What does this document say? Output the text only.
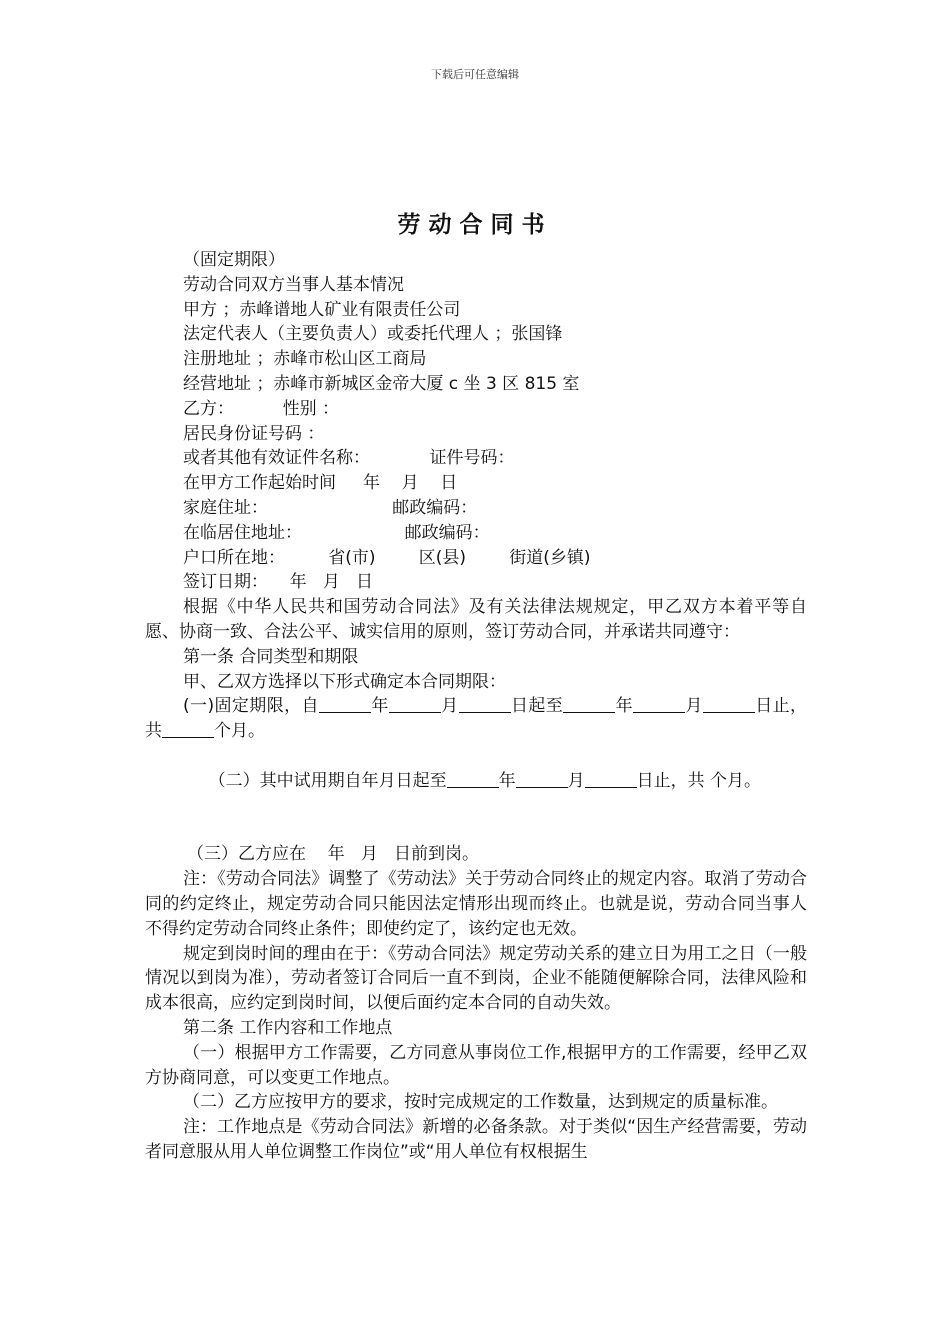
下载后可任意编辑
劳动合同书

（固定期限）

劳动合同双方当事人基本情况

甲方 ；赤峰谱地人矿业有限责任公司

法定代表人（主要负责人）或委托代理人 ；张国锋

注册地址 ；赤峰市松山区工商局

经营地址 ；赤峰市新城区金帝大厦 c 坐 3 区 815 室

乙方：         性别 ：

居民身份证号码 ：

或者其他有效证件名称：           证件号码：

在甲方工作起始时间     年    月    日

家庭住址：                       邮政编码：

在临居住地址：                   邮政编码：

户口所在地：        省(市)        区(县)        街道(乡镇)

签订日期：    年   月   日

根据《中华人民共和国劳动合同法》及有关法律法规规定，甲乙双方本着平等自愿、协商一致、合法公平、诚实信用的原则，签订劳动合同，并承诺共同遵守：

第一条 合同类型和期限

甲、乙双方选择以下形式确定本合同期限：

(一)固定期限，自	年	月	日起至	年	月	日止，共	个月。

（二）其中试用期自年月日起至	年	月	日止，共 个月。

（三）乙方应在    年   月   日前到岗。

注：《劳动合同法》调整了《劳动法》关于劳动合同终止的规定内容。取消了劳动合同的约定终止，规定劳动合同只能因法定情形出现而终止。也就是说，劳动合同当事人不得约定劳动合同终止条件；即使约定了，该约定也无效。

规定到岗时间的理由在于：《劳动合同法》规定劳动关系的建立日为用工之日（一般情况以到岗为准），劳动者签订合同后一直不到岗，企业不能随便解除合同，法律风险和成本很高，应约定到岗时间，以便后面约定本合同的自动失效。

第二条 工作内容和工作地点

（一）根据甲方工作需要，乙方同意从事岗位工作,根据甲方的工作需要，经甲乙双方协商同意，可以变更工作地点。

（二）乙方应按甲方的要求，按时完成规定的工作数量，达到规定的质量标准。

注：工作地点是《劳动合同法》新增的必备条款。对于类似“因生产经营需要，劳动者同意服从用人单位调整工作岗位”或“用人单位有权根据生
